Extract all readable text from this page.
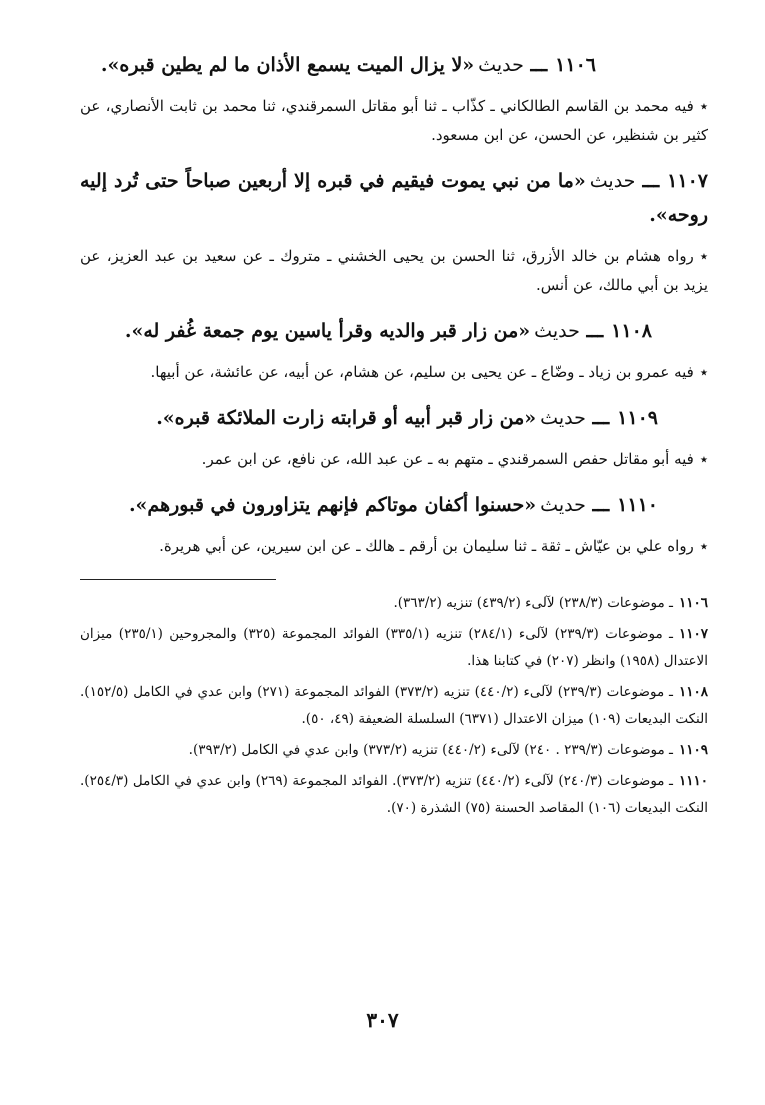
١١٠٦ـــ حديث«لا يزال الميت يسمع الأذان ما لم يطين قبره».

٭فيه محمد بن القاسم الطالكاني ـ كذّاب ـ ثنا أبو مقاتل السمرقندي، ثنا محمد بن ثابت الأنصاري، عن كثير بن شنظير، عن الحسن، عن ابن مسعود.

١١٠٧ـــ حديث«ما من نبي يموت فيقيم في قبره إلا أربعين صباحاً حتى تُرد إليه روحه».

٭رواه هشام بن خالد الأزرق، ثنا الحسن بن يحيى الخشني ـ متروك ـ عن سعيد بن عبد العزيز، عن يزيد بن أبي مالك، عن أنس.

١١٠٨ـــ حديث«من زار قبر والديه وقرأ ياسين يوم جمعة غُفر له».

٭فيه عمرو بن زياد ـ وضّاع ـ عن يحيى بن سليم، عن هشام، عن أبيه، عن عائشة، عن أبيها.

١١٠٩ـــ حديث«من زار قبر أبيه أو قرابته زارت الملائكة قبره».

٭فيه أبو مقاتل حفص السمرقندي ـ متهم به ـ عن عبد الله، عن نافع، عن ابن عمر.

١١١٠ـــ حديث«حسنوا أكفان موتاكم فإنهم يتزاورون في قبورهم».

٭رواه علي بن عيّاش ـ ثقة ـ ثنا سليمان بن أرقم ـ هالك ـ عن ابن سيرين، عن أبي هريرة.

١١٠٦ـ موضوعات (٢٣٨/٣) لآلىء (٤٣٩/٢) تنزيه (٣٦٣/٢).

١١٠٧ـ موضوعات (٢٣٩/٣) لآلىء (٢٨٤/١) تنزيه (٣٣٥/١) الفوائد المجموعة (٣٢٥) والمجروحين (٢٣٥/١) ميزان الاعتدال (١٩٥٨) وانظر (٢٠٧) في كتابنا هذا.

١١٠٨ـ موضوعات (٢٣٩/٣) لآلىء (٤٤٠/٢) تنزيه (٣٧٣/٢) الفوائد المجموعة (٢٧١) وابن عدي في الكامل (١٥٢/٥). النكت البديعات (١٠٩) ميزان الاعتدال (٦٣٧١) السلسلة الضعيفة (٤٩، ٥٠).

١١٠٩ـ موضوعات (٢٣٩/٣ . ٢٤٠) لآلىء (٤٤٠/٢) تنزيه (٣٧٣/٢) وابن عدي في الكامل (٣٩٣/٢).

١١١٠ـ موضوعات (٢٤٠/٣) لآلىء (٤٤٠/٢) تنزيه (٣٧٣/٢). الفوائد المجموعة (٢٦٩) وابن عدي في الكامل (٢٥٤/٣). النكت البديعات (١٠٦) المقاصد الحسنة (٧٥) الشذرة (٧٠).

٣٠٧
